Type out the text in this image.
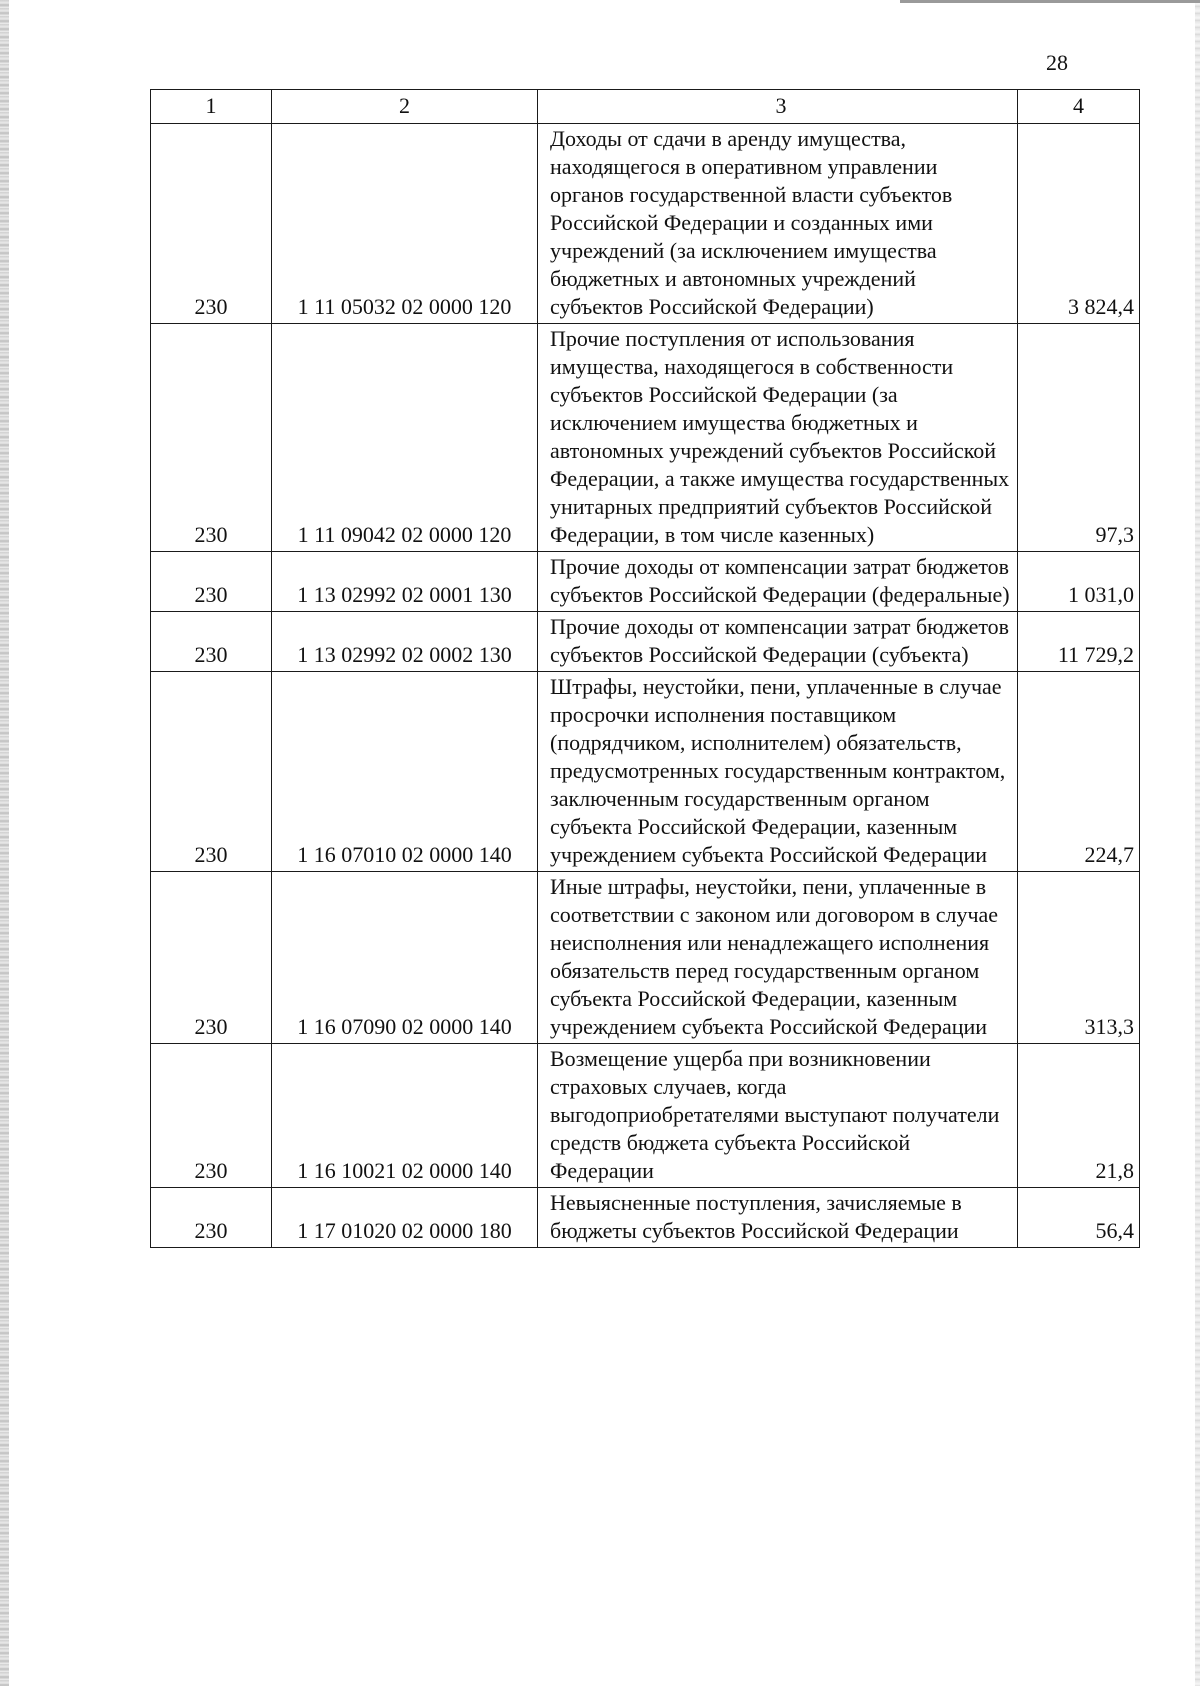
28
1	2	3	4
230	1 11 05032 02 0000 120	Доходы от сдачи в аренду имущества, находящегося в оперативном управлении органов государственной власти субъектов Российской Федерации и созданных ими учреждений (за исключением имущества бюджетных и автономных учреждений субъектов Российской Федерации)	3 824,4
230	1 11 09042 02 0000 120	Прочие поступления от использования имущества, находящегося в собственности субъектов Российской Федерации (за исключением имущества бюджетных и автономных учреждений субъектов Российской Федерации, а также имущества государственных унитарных предприятий субъектов Российской Федерации, в том числе казенных)	97,3
230	1 13 02992 02 0001 130	Прочие доходы от компенсации затрат бюджетов субъектов Российской Федерации (федеральные)	1 031,0
230	1 13 02992 02 0002 130	Прочие доходы от компенсации затрат бюджетов субъектов Российской Федерации (субъекта)	11 729,2
230	1 16 07010 02 0000 140	Штрафы, неустойки, пени, уплаченные в случае просрочки исполнения поставщиком (подрядчиком, исполнителем) обязательств, предусмотренных государственным контрактом, заключенным государственным органом субъекта Российской Федерации, казенным учреждением субъекта Российской Федерации	224,7
230	1 16 07090 02 0000 140	Иные штрафы, неустойки, пени, уплаченные в соответствии с законом или договором в случае неисполнения или ненадлежащего исполнения обязательств перед государственным органом субъекта Российской Федерации, казенным учреждением субъекта Российской Федерации	313,3
230	1 16 10021 02 0000 140	Возмещение ущерба при возникновении страховых случаев, когда выгодоприобретателями выступают получатели средств бюджета субъекта Российской Федерации	21,8
230	1 17 01020 02 0000 180	Невыясненные поступления, зачисляемые в бюджеты субъектов Российской Федерации	56,4
